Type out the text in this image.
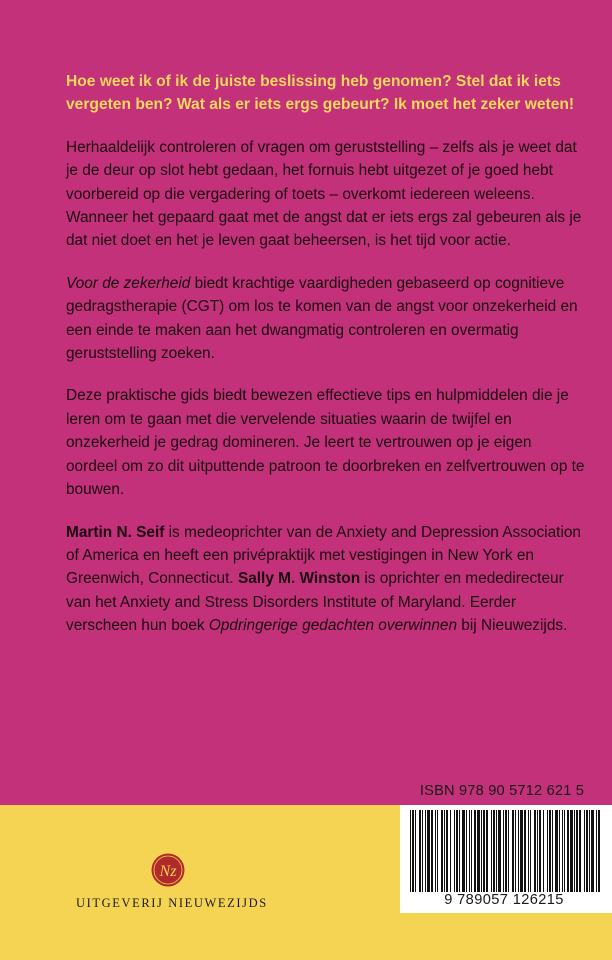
Hoe weet ik of ik de juiste beslissing heb genomen? Stel dat ik iets vergeten ben? Wat als er iets ergs gebeurt? Ik moet het zeker weten!

Herhaaldelijk controleren of vragen om geruststelling – zelfs als je weet dat je de deur op slot hebt gedaan, het fornuis hebt uitgezet of je goed hebt voorbereid op die vergadering of toets – overkomt iedereen weleens. Wanneer het gepaard gaat met de angst dat er iets ergs zal gebeuren als je dat niet doet en het je leven gaat beheersen, is het tijd voor actie.

Voor de zekerheid biedt krachtige vaardigheden gebaseerd op cognitieve gedragstherapie (CGT) om los te komen van de angst voor onzekerheid en een einde te maken aan het dwangmatig controleren en overmatig geruststelling zoeken.

Deze praktische gids biedt bewezen effectieve tips en hulpmiddelen die je leren om te gaan met die vervelende situaties waarin de twijfel en onzekerheid je gedrag domineren. Je leert te vertrouwen op je eigen oordeel om zo dit uitputtende patroon te doorbreken en zelfvertrouwen op te bouwen.

Martin N. Seif is medeoprichter van de Anxiety and Depression Association of America en heeft een privépraktijk met vestigingen in New York en Greenwich, Connecticut. Sally M. Winston is oprichter en mededirecteur van het Anxiety and Stress Disorders Institute of Maryland. Eerder verscheen hun boek Opdringerige gedachten overwinnen bij Nieuwezijds.

Nz
UITGEVERIJ NIEUWEZIJDS
ISBN 978 90 5712 621 5
9 789057 126215
